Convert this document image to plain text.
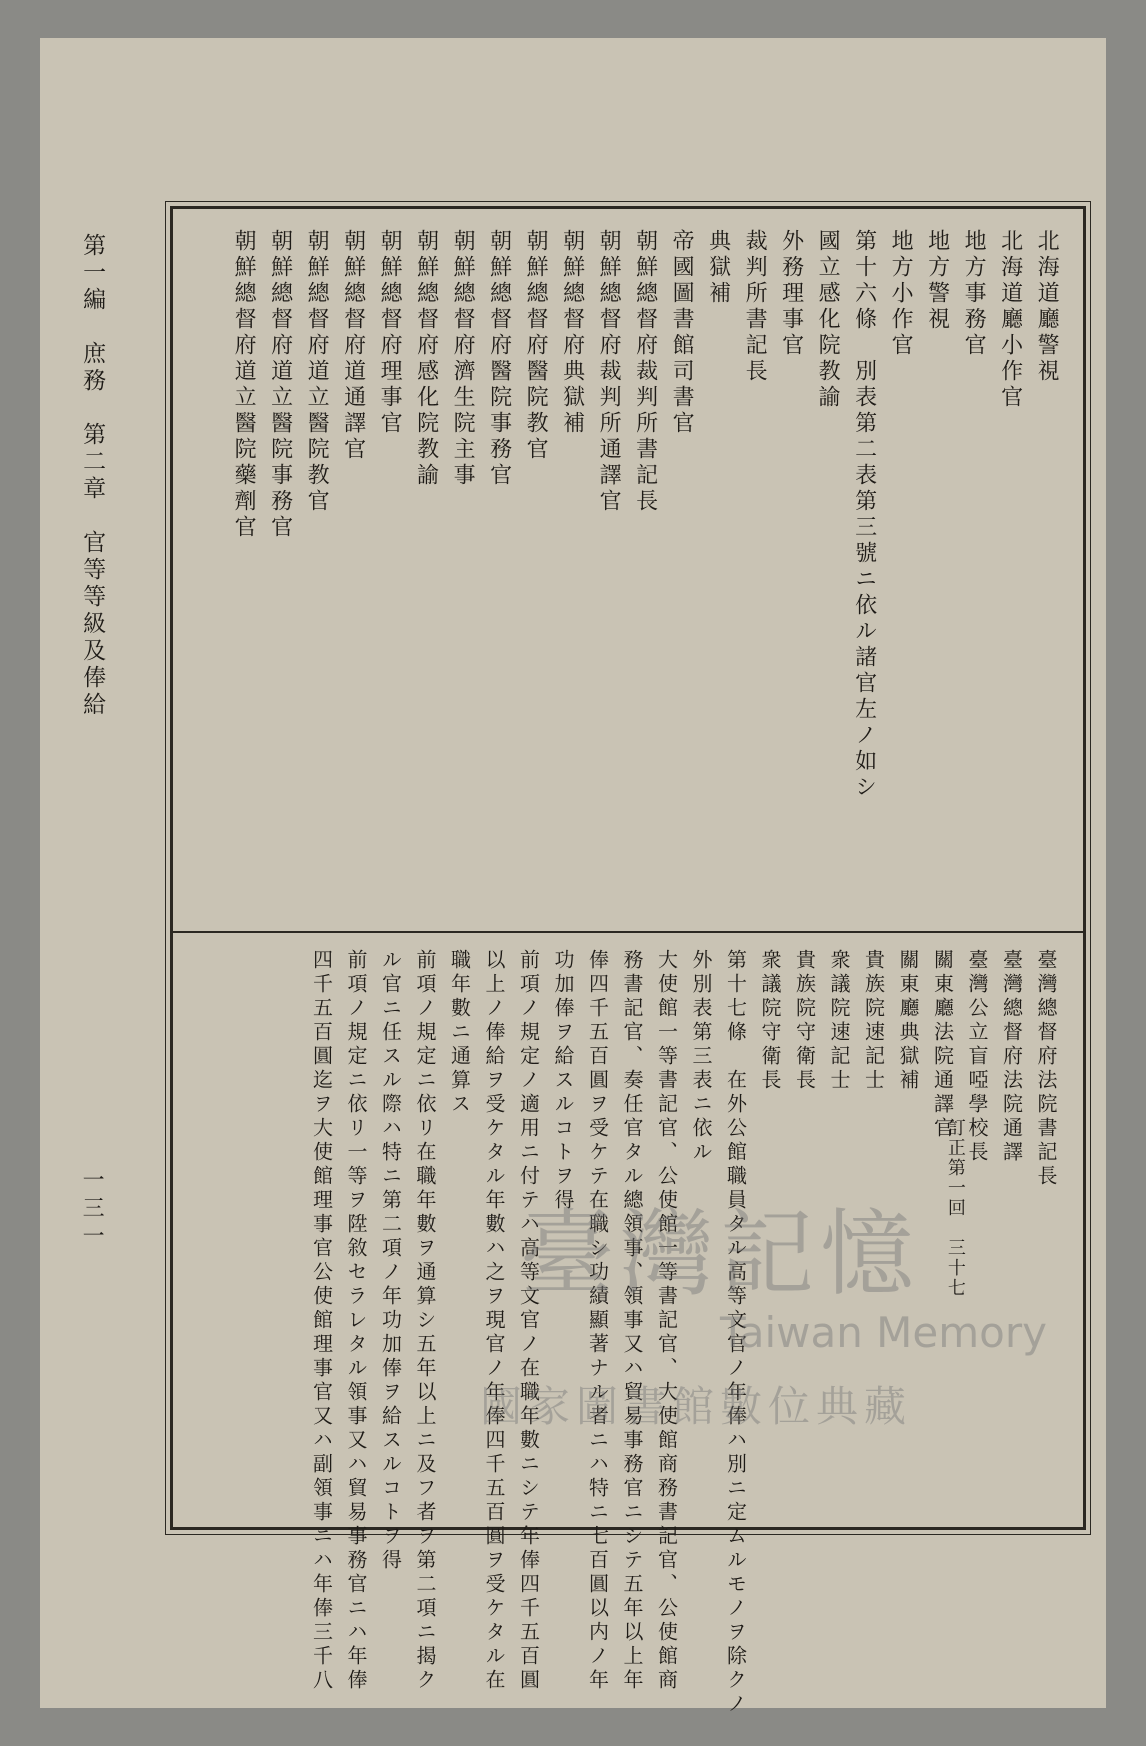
訂正第一回
三十七
第一編　庶務　第二章　官等等級及俸給
一三一
北海道廳警視
北海道廳小作官
地方事務官
地方警視
地方小作官
第十六條　別表第二表第三號ニ依ル諸官左ノ如シ
國立感化院教諭
外務理事官
裁判所書記長
典獄補
帝國圖書館司書官
朝鮮總督府裁判所書記長
朝鮮總督府裁判所通譯官
朝鮮總督府典獄補
朝鮮總督府醫院教官
朝鮮總督府醫院事務官
朝鮮總督府濟生院主事
朝鮮總督府感化院教諭
朝鮮總督府理事官
朝鮮總督府道通譯官
朝鮮總督府道立醫院教官
朝鮮總督府道立醫院事務官
朝鮮總督府道立醫院藥劑官
臺灣總督府法院書記長
臺灣總督府法院通譯
臺灣公立盲啞學校長
關東廳法院通譯官
關東廳典獄補
貴族院速記士
衆議院速記士
貴族院守衛長
衆議院守衛長
第十七條　在外公館職員タル高等文官ノ年俸ハ別ニ定ムルモノヲ除クノ
外別表第三表ニ依ル
大使館一等書記官、公使館一等書記官、大使館商務書記官、公使館商
務書記官、奏任官タル總領事、領事又ハ貿易事務官ニシテ五年以上年
俸四千五百圓ヲ受ケテ在職シ功績顯著ナル者ニハ特ニ七百圓以内ノ年
功加俸ヲ給スルコトヲ得
前項ノ規定ノ適用ニ付テハ高等文官ノ在職年數ニシテ年俸四千五百圓
以上ノ俸給ヲ受ケタル年數ハ之ヲ現官ノ年俸四千五百圓ヲ受ケタル在
職年數ニ通算ス
前項ノ規定ニ依リ在職年數ヲ通算シ五年以上ニ及フ者ヲ第二項ニ揭ク
ル官ニ任スル際ハ特ニ第二項ノ年功加俸ヲ給スルコトヲ得
前項ノ規定ニ依リ一等ヲ陞敘セラレタル領事又ハ貿易事務官ニハ年俸
四千五百圓迄ヲ大使館理事官公使館理事官又ハ副領事ニハ年俸三千八 臺灣記憶
Taiwan Memory
國家圖書館數位典藏
